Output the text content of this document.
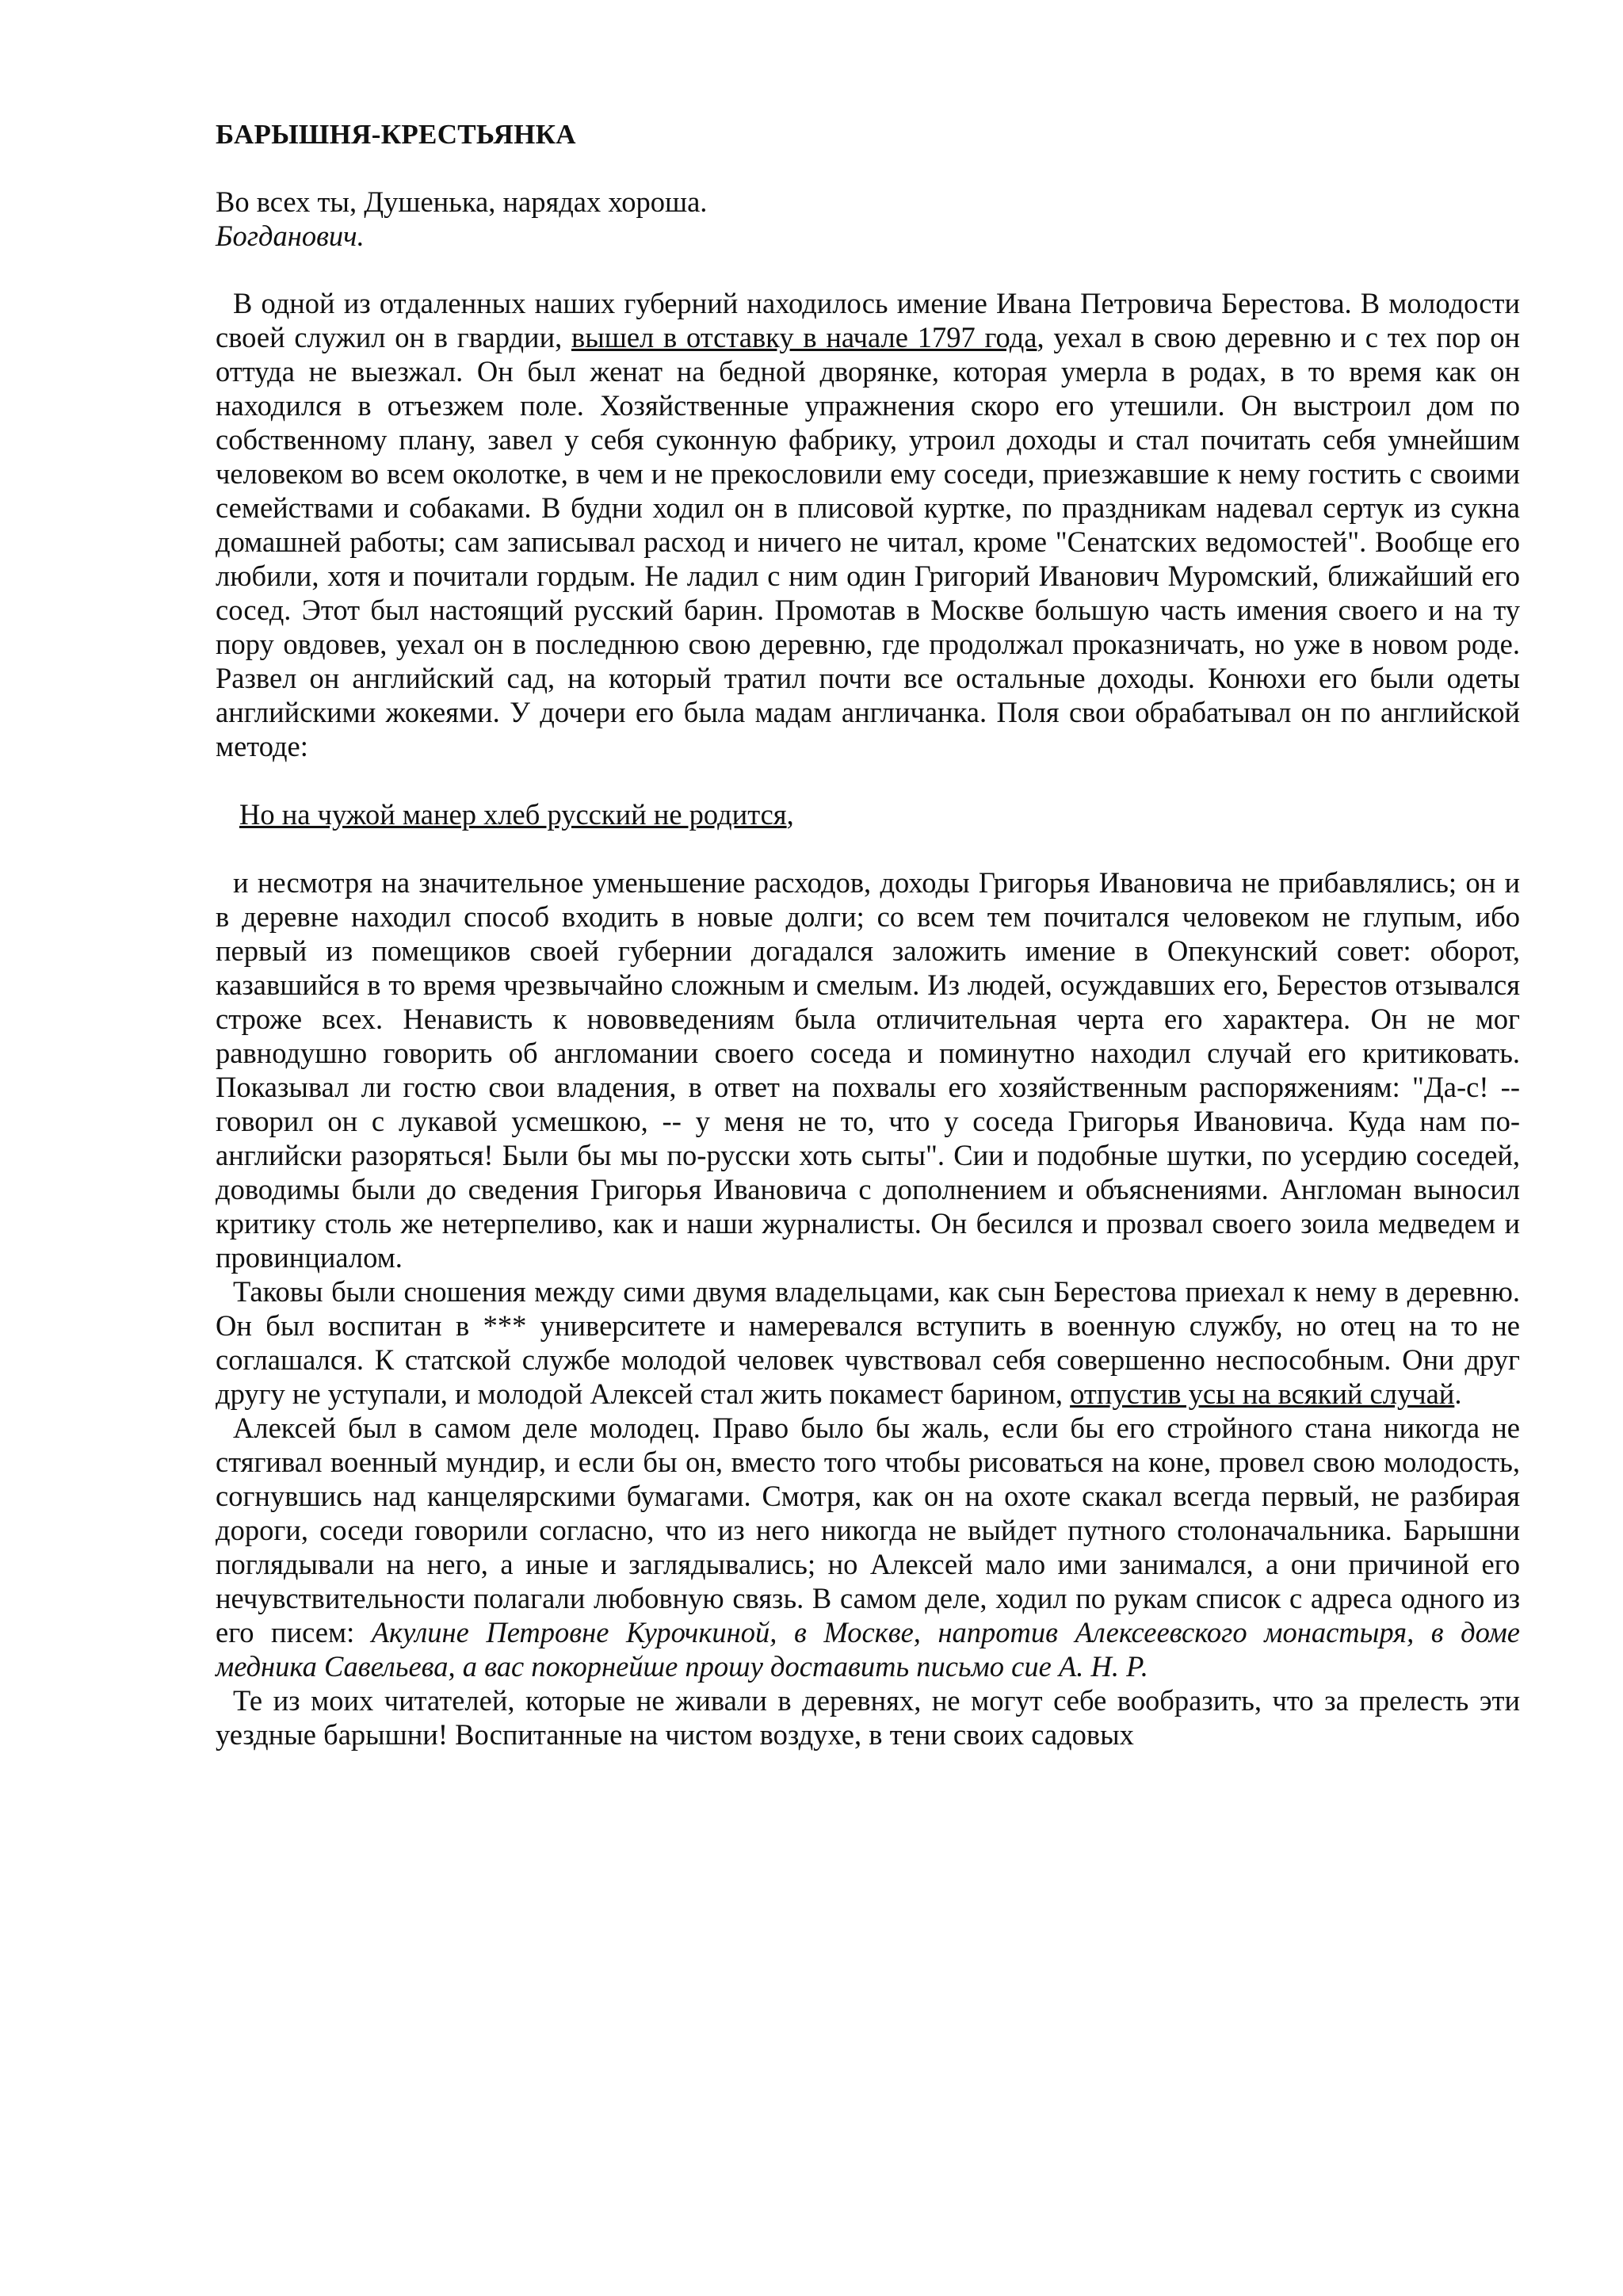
БАРЫШНЯ-КРЕСТЬЯНКА
Во всех ты, Душенька, нарядах хороша.
Богданович.

В одной из отдаленных наших губерний находилось имение Ивана Петровича Берестова. В молодости своей служил он в гвардии, вышел в отставку в начале 1797 года, уехал в свою деревню и с тех пор он оттуда не выезжал. Он был женат на бедной дворянке, которая умерла в родах, в то время как он находился в отъезжем поле. Хозяйственные упражнения скоро его утешили. Он выстроил дом по собственному плану, завел у себя суконную фабрику, утроил доходы и стал почитать себя умнейшим человеком во всем околотке, в чем и не прекословили ему соседи, приезжавшие к нему гостить с своими семействами и собаками. В будни ходил он в плисовой куртке, по праздникам надевал сертук из сукна домашней работы; сам записывал расход и ничего не читал, кроме "Сенатских ведомостей". Вообще его любили, хотя и почитали гордым. Не ладил с ним один Григорий Иванович Муромский, ближайший его сосед. Этот был настоящий русский барин. Промотав в Москве большую часть имения своего и на ту пору овдовев, уехал он в последнюю свою деревню, где продолжал проказничать, но уже в новом роде. Развел он английский сад, на который тратил почти все остальные доходы. Конюхи его были одеты английскими жокеями. У дочери его была мадам англичанка. Поля свои обрабатывал он по английской методе:

Но на чужой манер хлеб русский не родится,

и несмотря на значительное уменьшение расходов, доходы Григорья Ивановича не прибавлялись; он и в деревне находил способ входить в новые долги; со всем тем почитался человеком не глупым, ибо первый из помещиков своей губернии догадался заложить имение в Опекунский совет: оборот, казавшийся в то время чрезвычайно сложным и смелым. Из людей, осуждавших его, Берестов отзывался строже всех. Ненависть к нововведениям была отличительная черта его характера. Он не мог равнодушно говорить об англомании своего соседа и поминутно находил случай его критиковать. Показывал ли гостю свои владения, в ответ на похвалы его хозяйственным распоряжениям: "Да-с! -- говорил он с лукавой усмешкою, -- у меня не то, что у соседа Григорья Ивановича. Куда нам по-английски разоряться! Были бы мы по-русски хоть сыты". Сии и подобные шутки, по усердию соседей, доводимы были до сведения Григорья Ивановича с дополнением и объяснениями. Англоман выносил критику столь же нетерпеливо, как и наши журналисты. Он бесился и прозвал своего зоила медведем и провинциалом.

Таковы были сношения между сими двумя владельцами, как сын Берестова приехал к нему в деревню. Он был воспитан в *** университете и намеревался вступить в военную службу, но отец на то не соглашался. К статской службе молодой человек чувствовал себя совершенно неспособным. Они друг другу не уступали, и молодой Алексей стал жить покамест барином, отпустив усы на всякий случай.

Алексей был в самом деле молодец. Право было бы жаль, если бы его стройного стана никогда не стягивал военный мундир, и если бы он, вместо того чтобы рисоваться на коне, провел свою молодость, согнувшись над канцелярскими бумагами. Смотря, как он на охоте скакал всегда первый, не разбирая дороги, соседи говорили согласно, что из него никогда не выйдет путного столоначальника. Барышни поглядывали на него, а иные и заглядывались; но Алексей мало ими занимался, а они причиной его нечувствительности полагали любовную связь. В самом деле, ходил по рукам список с адреса одного из его писем: Акулине Петровне Курочкиной, в Москве, напротив Алексеевского монастыря, в доме медника Савельева, а вас покорнейше прошу доставить письмо сие А. Н. Р.

Те из моих читателей, которые не живали в деревнях, не могут себе вообразить, что за прелесть эти уездные барышни! Воспитанные на чистом воздухе, в тени своих садовых
